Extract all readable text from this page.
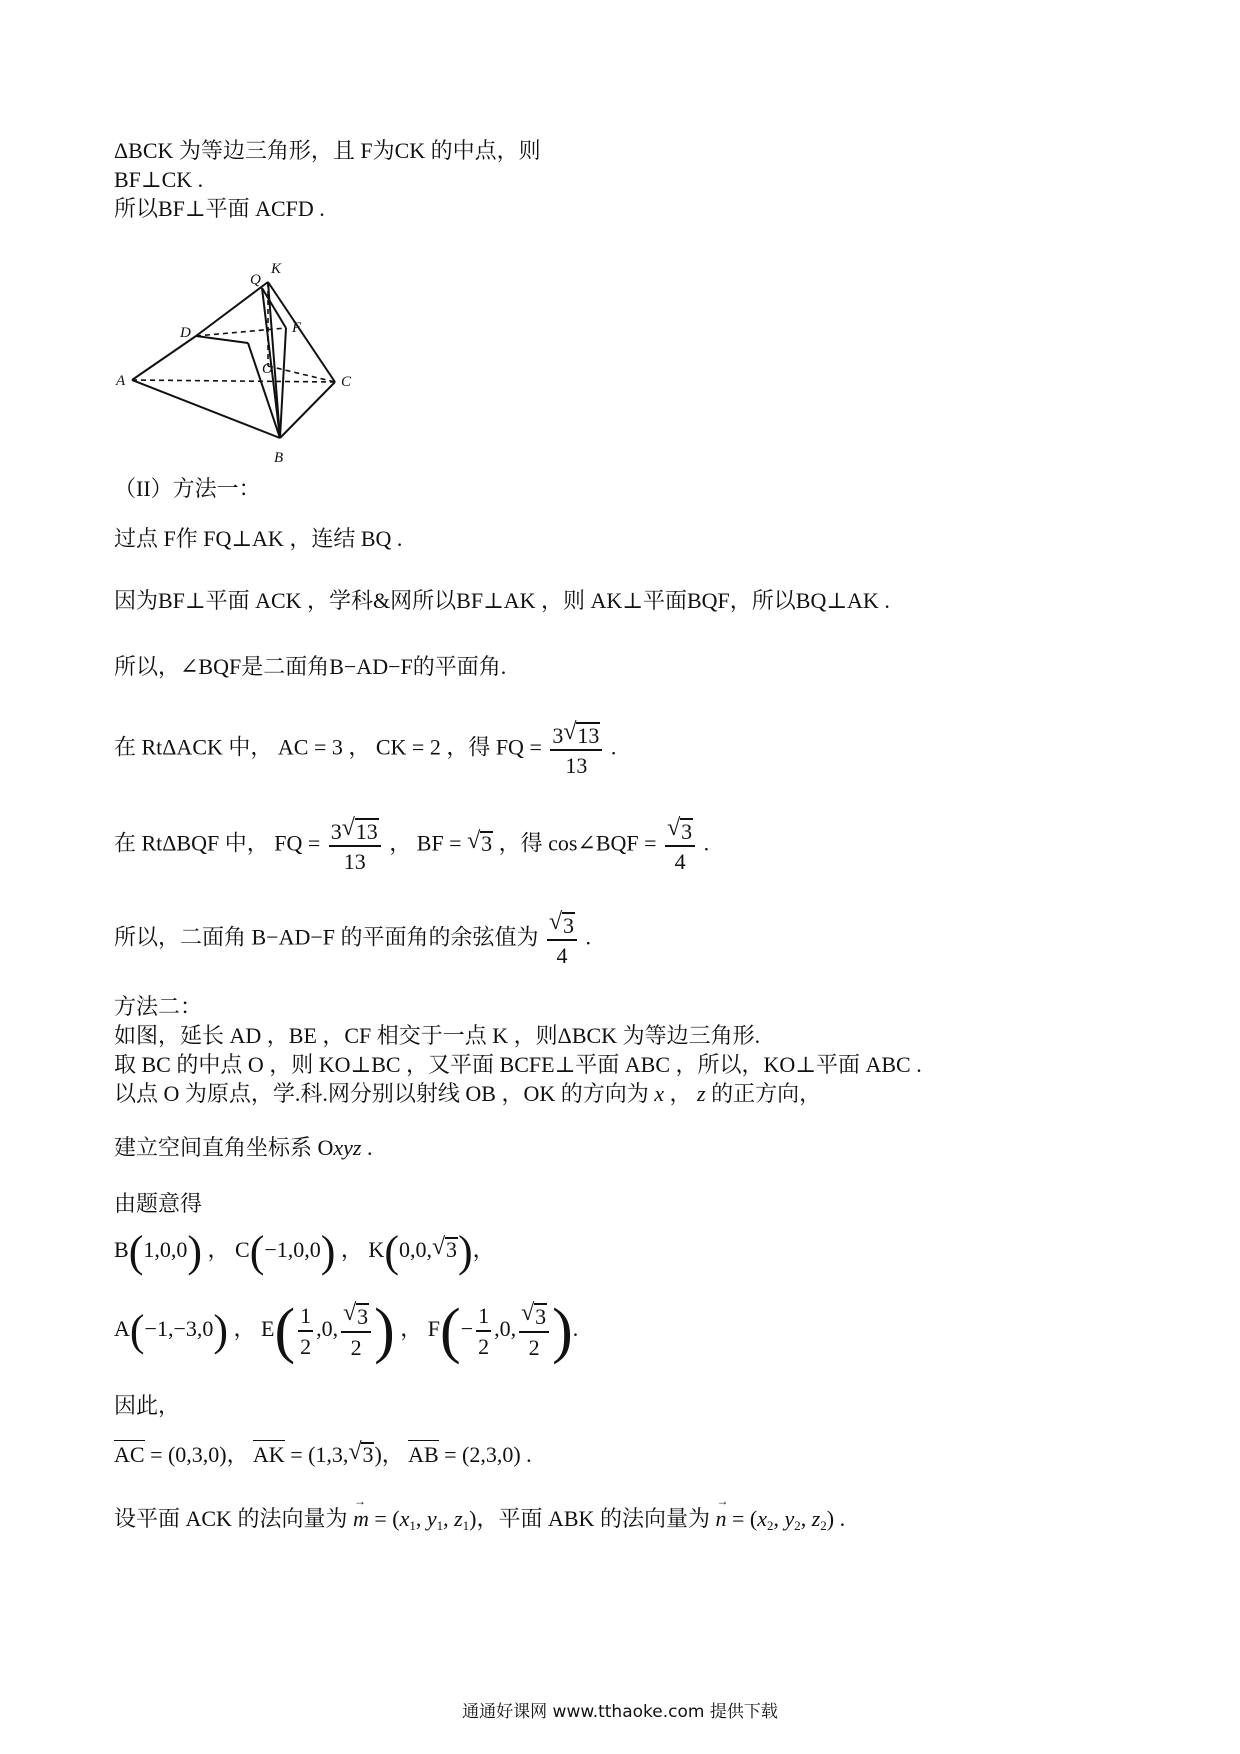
ΔBCK 为等边三角形，且 F为CK 的中点，则
BF⊥CK .
所以BF⊥平面 ACFD .
Q
K
D	F
O
A	C
B
（II）方法一：
过点 F作 FQ⊥AK ，连结 BQ .
因为BF⊥平面 ACK ，学科&网所以BF⊥AK ，则 AK⊥平面BQF，所以BQ⊥AK .
所以，∠BQF是二面角B−AD−F的平面角.
在 RtΔACK 中， AC = 3 ， CK = 2 ，得 FQ = $\frac{3 √ 13}{13}$ .
在 RtΔBQF 中， FQ = $\frac{3 √ 13}{13}$ ， BF = √ 3 ，得 cos∠BQF = $\frac{√ 3}{4}$ .
所以，二面角 B−AD−F 的平面角的余弦值为 $\frac{√ 3}{4}$ .
方法二：
如图，延长 AD ，BE ，CF 相交于一点 K ，则ΔBCK 为等边三角形.
取 BC 的中点 O ，则 KO⊥BC ，又平面 BCFE⊥平面 ABC ，所以，KO⊥平面 ABC .
以点 O 为原点，学.科.网分别以射线 OB ，OK 的方向为 x ， z 的正方向，
建立空间直角坐标系 Oxyz .
由题意得
B(1,0,0) ， C(−1,0,0) ， K(0,0, √ 3)，
A(−1,−3,0) ， $E( \frac{1}{2} ,0$, $\frac{√ 3}{2}$ ) ， $F(- \frac{1}{2} ,0$, $\frac{√ 3}{2}$ ).
因此，
AC = (0,3,0)， AK = (1,3, √ 3)， AB = (2,3,0) .
设平面 ACK 的法向量为 → $m = (x_1$, $y_1$, $z_1$)，平面 ABK 的法向量为 → $n = (x_2$, $y_2$, $z_2$) .
通通好课网 www.tthaoke.com 提供下载
